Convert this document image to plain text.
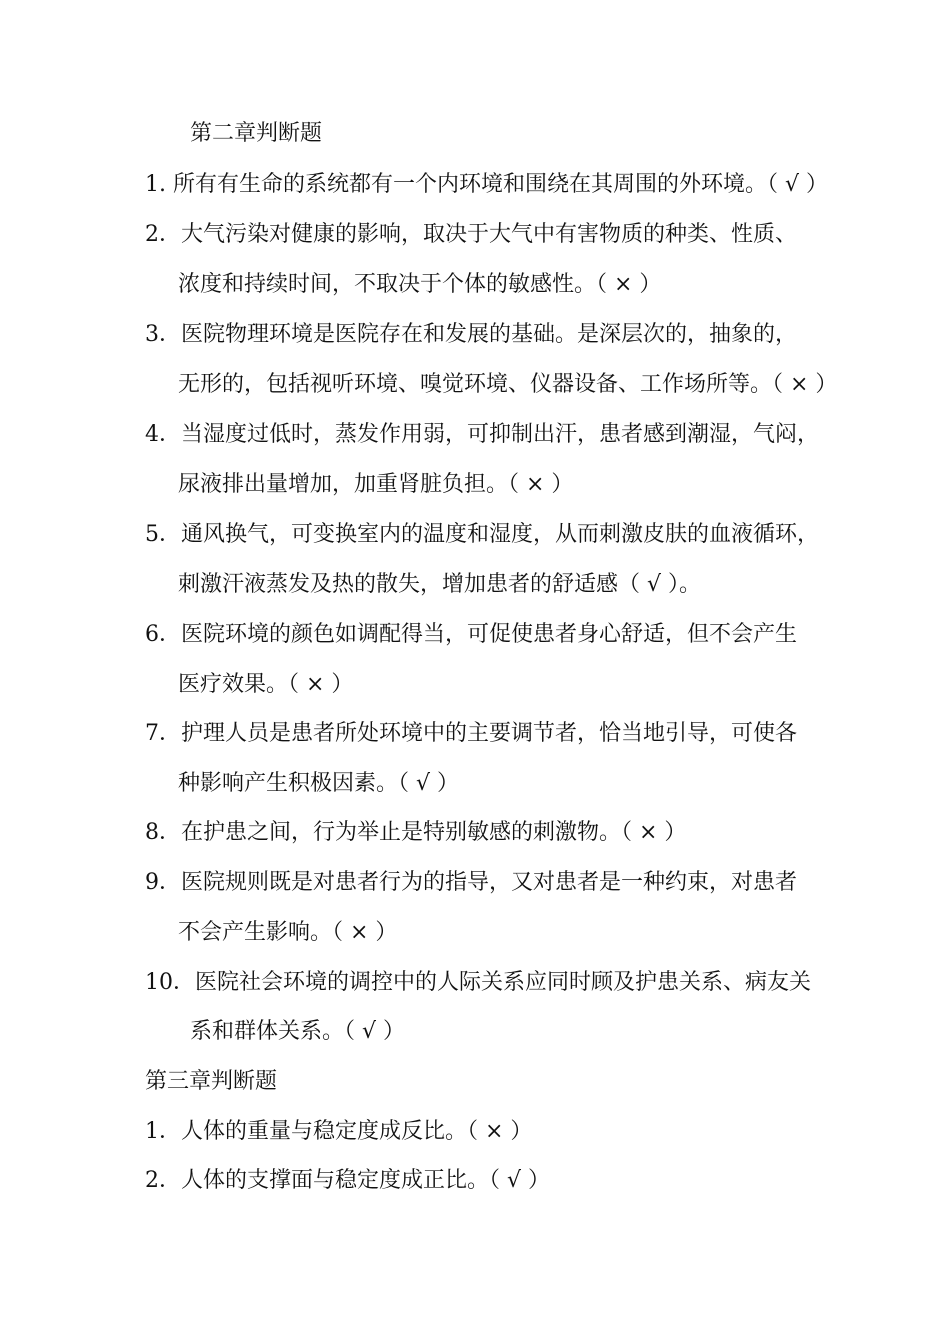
第二章判断题
1. 所有有生命的系统都有一个内环境和围绕在其周围的外环境。（ √ ）
2．大气污染对健康的影响，取决于大气中有害物质的种类、性质、
浓度和持续时间，不取决于个体的敏感性。（ × ）
3．医院物理环境是医院存在和发展的基础。是深层次的，抽象的，
无形的，包括视听环境、嗅觉环境、仪器设备、工作场所等。（ × ）
4．当湿度过低时，蒸发作用弱，可抑制出汗，患者感到潮湿，气闷，
尿液排出量增加，加重肾脏负担。（ × ）
5．通风换气，可变换室内的温度和湿度，从而刺激皮肤的血液循环，
刺激汗液蒸发及热的散失，增加患者的舒适感（ √ ）。
6．医院环境的颜色如调配得当，可促使患者身心舒适，但不会产生
医疗效果。（ × ）
7．护理人员是患者所处环境中的主要调节者，恰当地引导，可使各
种影响产生积极因素。（ √ ）
8．在护患之间，行为举止是特别敏感的刺激物。（ × ）
9．医院规则既是对患者行为的指导，又对患者是一种约束，对患者
不会产生影响。（ × ）
10．医院社会环境的调控中的人际关系应同时顾及护患关系、病友关
系和群体关系。（ √ ）
第三章判断题
1．人体的重量与稳定度成反比。（ × ）
2．人体的支撑面与稳定度成正比。（ √ ）
